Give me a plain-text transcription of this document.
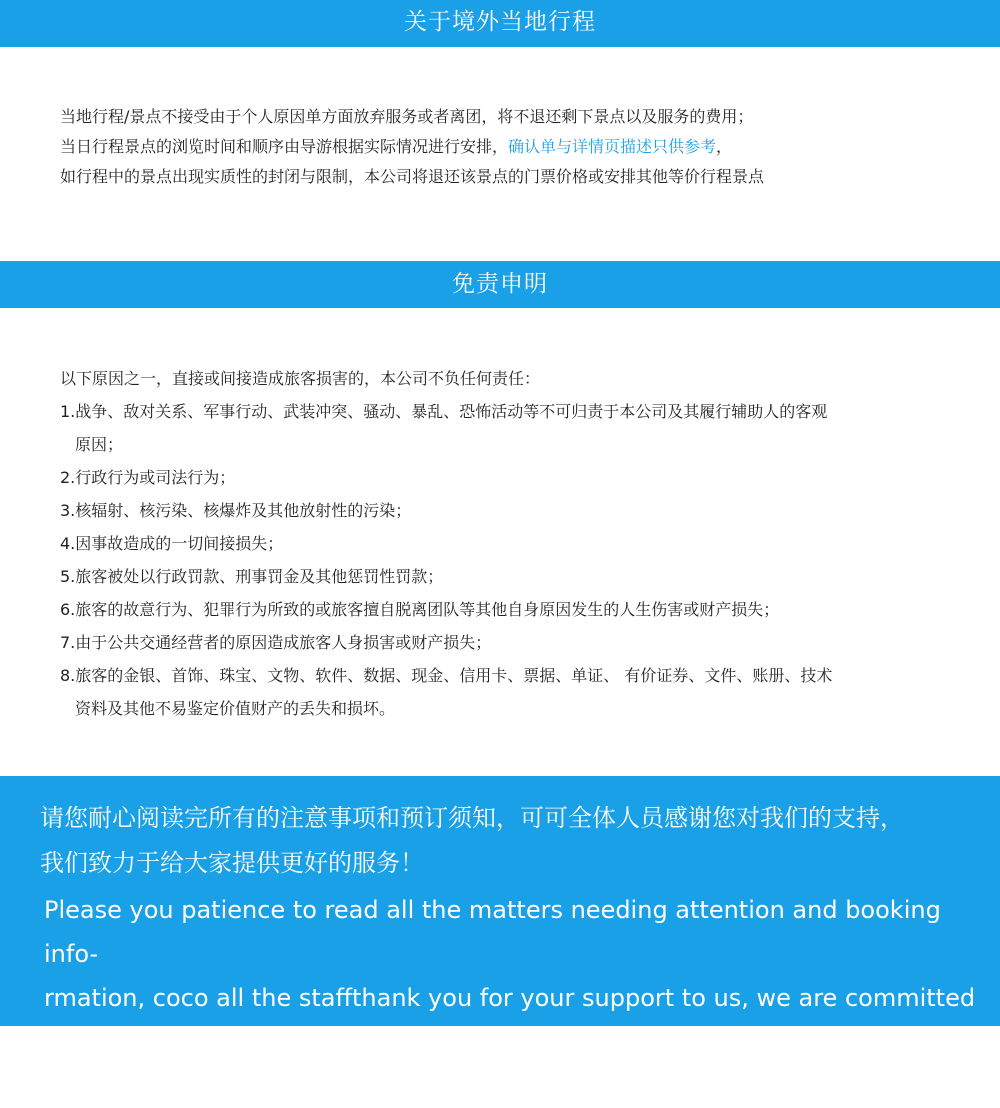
关于境外当地行程
当地行程/景点不接受由于个人原因单方面放弃服务或者离团，将不退还剩下景点以及服务的费用；
当日行程景点的浏览时间和顺序由导游根据实际情况进行安排，确认单与详情页描述只供参考，
如行程中的景点出现实质性的封闭与限制，本公司将退还该景点的门票价格或安排其他等价行程景点
免责申明
以下原因之一，直接或间接造成旅客损害的，本公司不负任何责任：
1.战争、敌对关系、军事行动、武装冲突、骚动、暴乱、恐怖活动等不可归责于本公司及其履行辅助人的客观
原因；
2.行政行为或司法行为；
3.核辐射、核污染、核爆炸及其他放射性的污染；
4.因事故造成的一切间接损失；
5.旅客被处以行政罚款、刑事罚金及其他惩罚性罚款；
6.旅客的故意行为、犯罪行为所致的或旅客擅自脱离团队等其他自身原因发生的人生伤害或财产损失；
7.由于公共交通经营者的原因造成旅客人身损害或财产损失；
8.旅客的金银、首饰、珠宝、文物、软件、数据、现金、信用卡、票据、单证、 有价证券、文件、账册、技术
资料及其他不易鉴定价值财产的丢失和损坏。
请您耐心阅读完所有的注意事项和预订须知，可可全体人员感谢您对我们的支持，
我们致力于给大家提供更好的服务！
Please you patience to read all the matters needing attention and booking info-
rmation, coco all the staffthank you for your support to us, we are committed to
providing better service for all of us!
